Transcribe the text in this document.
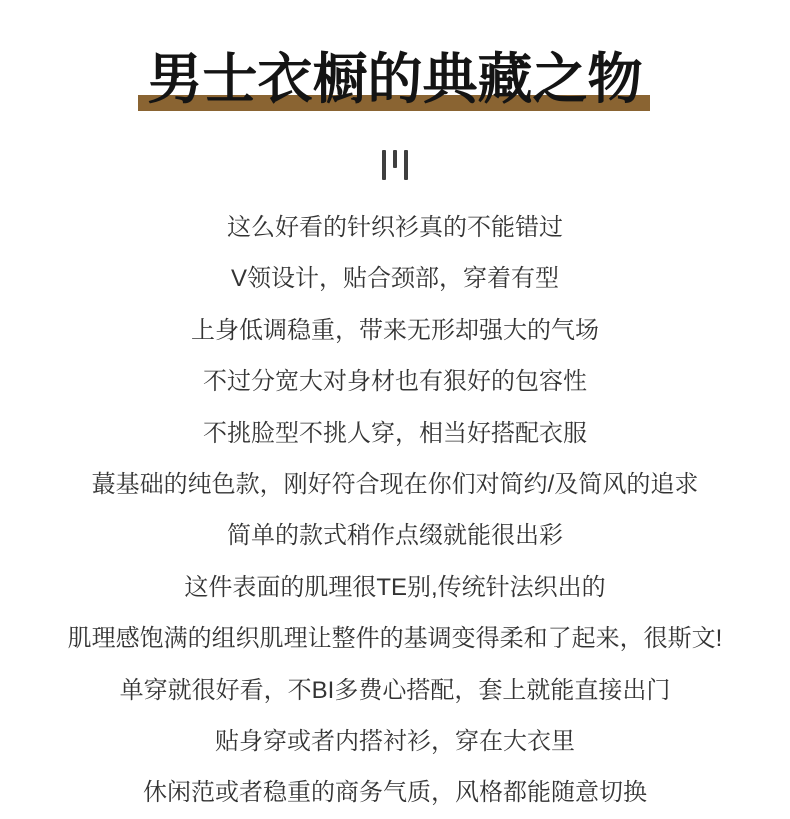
男士衣橱的典藏之物
这么好看的针织衫真的不能错过
V领设计，贴合颈部，穿着有型
上身低调稳重，带来无形却强大的气场
不过分宽大对身材也有狠好的包容性
不挑脸型不挑人穿，相当好搭配衣服
蕞基础的纯色款，刚好符合现在你们对简约/及简风的追求
简单的款式稍作点缀就能很出彩
这件表面的肌理很TE别,传统针法织出的
肌理感饱满的组织肌理让整件的基调变得柔和了起来，很斯文!
单穿就很好看，不BI多费心搭配，套上就能直接出门
贴身穿或者内搭衬衫，穿在大衣里
休闲范或者稳重的商务气质，风格都能随意切换
